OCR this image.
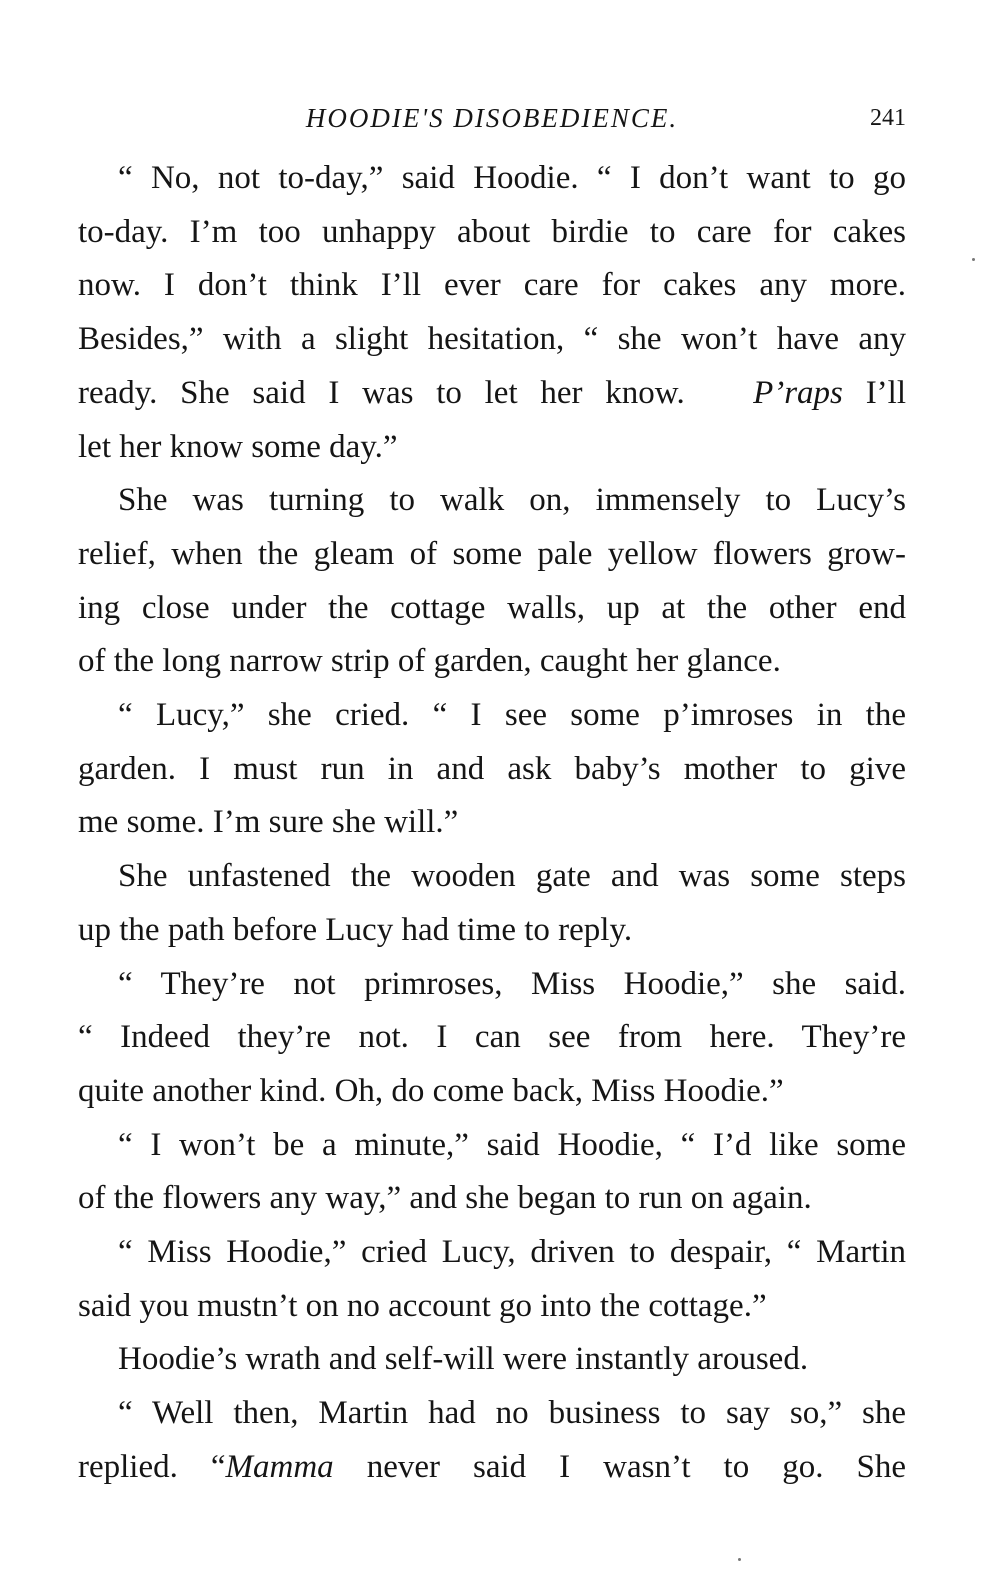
HOODIE'S DISOBEDIENCE.	241
“ No, not to-day,” said Hoodie. “ I don’t want to go
to-day. I’m too unhappy about birdie to care for cakes
now. I don’t think I’ll ever care for cakes any more.
Besides,” with a slight hesitation, “ she won’t have any
ready. She said I was to let her know. P’raps I’ll
let her know some day.”
She was turning to walk on, immensely to Lucy’s
relief, when the gleam of some pale yellow flowers grow-
ing close under the cottage walls, up at the other end
of the long narrow strip of garden, caught her glance.
“ Lucy,” she cried. “ I see some p’imroses in the
garden. I must run in and ask baby’s mother to give
me some. I’m sure she will.”
She unfastened the wooden gate and was some steps
up the path before Lucy had time to reply.
“ They’re not primroses, Miss Hoodie,” she said.
“ Indeed they’re not. I can see from here. They’re
quite another kind. Oh, do come back, Miss Hoodie.”
“ I won’t be a minute,” said Hoodie, “ I’d like some
of the flowers any way,” and she began to run on again.
“ Miss Hoodie,” cried Lucy, driven to despair, “ Martin
said you mustn’t on no account go into the cottage.”
Hoodie’s wrath and self-will were instantly aroused.
“ Well then, Martin had no business to say so,” she
replied. “Mamma never said I wasn’t to go. She
